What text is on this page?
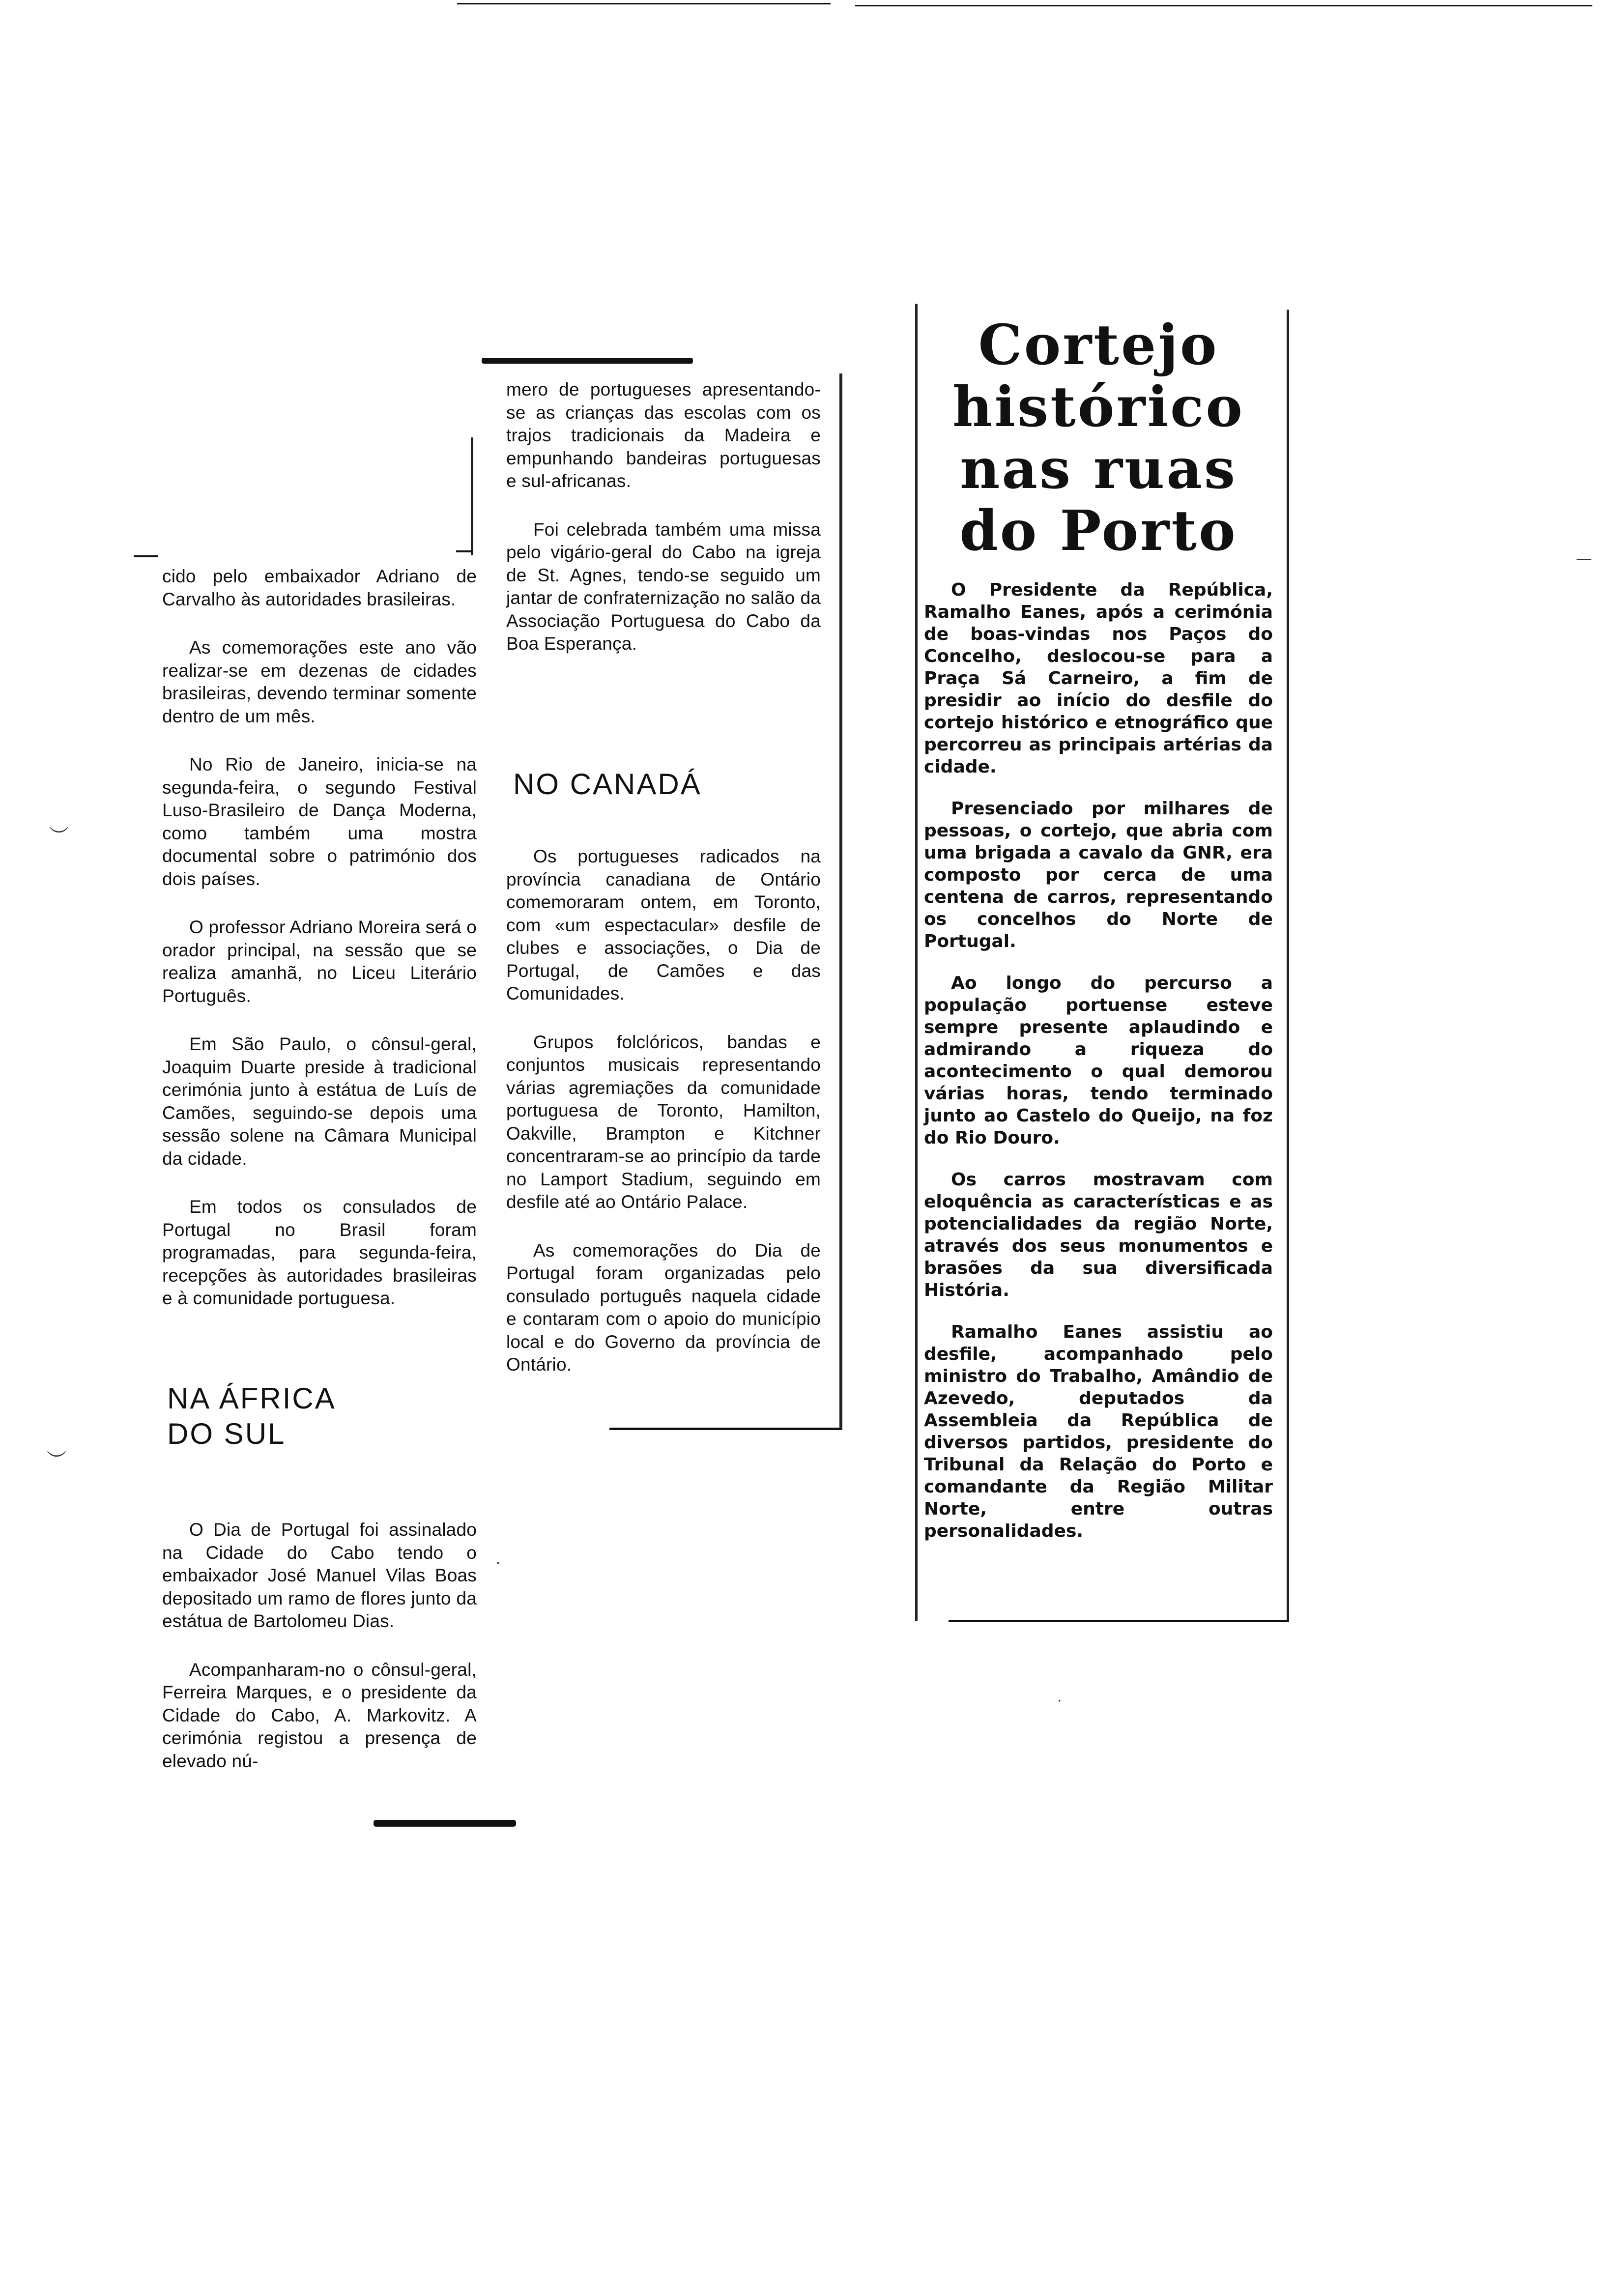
︶
︶
—

cido pelo embaixador Adriano de Carvalho às autoridades brasileiras.

As comemorações este ano vão realizar-se em dezenas de cidades brasileiras, devendo terminar somente dentro de um mês.

No Rio de Janeiro, inicia-se na segunda-feira, o segundo Festival Luso-Brasileiro de Dança Moderna, como também uma mostra documental sobre o património dos dois países.

O professor Adriano Moreira será o orador principal, na sessão que se realiza amanhã, no Liceu Literário Português.

Em São Paulo, o cônsul-geral, Joaquim Duarte preside à tradicional cerimónia junto à estátua de Luís de Camões, seguindo-se depois uma sessão solene na Câmara Municipal da cidade.

Em todos os consulados de Portugal no Brasil foram programadas, para segunda-feira, recepções às autoridades brasileiras e à comunidade portuguesa.

NA ÁFRICA DO SUL

O Dia de Portugal foi assinalado na Cidade do Cabo tendo o embaixador José Manuel Vilas Boas depositado um ramo de flores junto da estátua de Bartolomeu Dias.

Acompanharam-no o cônsul-geral, Ferreira Marques, e o presidente da Cidade do Cabo, A. Markovitz. A cerimónia registou a presença de elevado nú-

mero de portugueses apresentando-se as crianças das escolas com os trajos tradicionais da Madeira e empunhando bandeiras portuguesas e sul-africanas.

Foi celebrada também uma missa pelo vigário-geral do Cabo na igreja de St. Agnes, tendo-se seguido um jantar de confraternização no salão da Associação Portuguesa do Cabo da Boa Esperança.

NO CANADÁ

Os portugueses radicados na província canadiana de Ontário comemoraram ontem, em Toronto, com «um espectacular» desfile de clubes e associações, o Dia de Portugal, de Camões e das Comunidades.

Grupos folclóricos, bandas e conjuntos musicais representando várias agremiações da comunidade portuguesa de Toronto, Hamilton, Oakville, Brampton e Kitchner concentraram-se ao princípio da tarde no Lamport Stadium, seguindo em desfile até ao Ontário Palace.

As comemorações do Dia de Portugal foram organizadas pelo consulado português naquela cidade e contaram com o apoio do município local e do Governo da província de Ontário.

Cortejo
histórico
nas ruas
do Porto

O Presidente da República, Ramalho Eanes, após a cerimónia de boas-vindas nos Paços do Concelho, deslocou-se para a Praça Sá Carneiro, a fim de presidir ao início do desfile do cortejo histórico e etnográfico que percorreu as principais artérias da cidade.

Presenciado por milhares de pessoas, o cortejo, que abria com uma brigada a cavalo da GNR, era composto por cerca de uma centena de carros, representando os concelhos do Norte de Portugal.

Ao longo do percurso a população portuense esteve sempre presente aplaudindo e admirando a riqueza do acontecimento o qual demorou várias horas, tendo terminado junto ao Castelo do Queijo, na foz do Rio Douro.

Os carros mostravam com eloquência as características e as potencialidades da região Norte, através dos seus monumentos e brasões da sua diversificada História.

Ramalho Eanes assistiu ao desfile, acompanhado pelo ministro do Trabalho, Amândio de Azevedo, deputados da Assembleia da República de diversos partidos, presidente do Tribunal da Relação do Porto e comandante da Região Militar Norte, entre outras personalidades.

·
·
